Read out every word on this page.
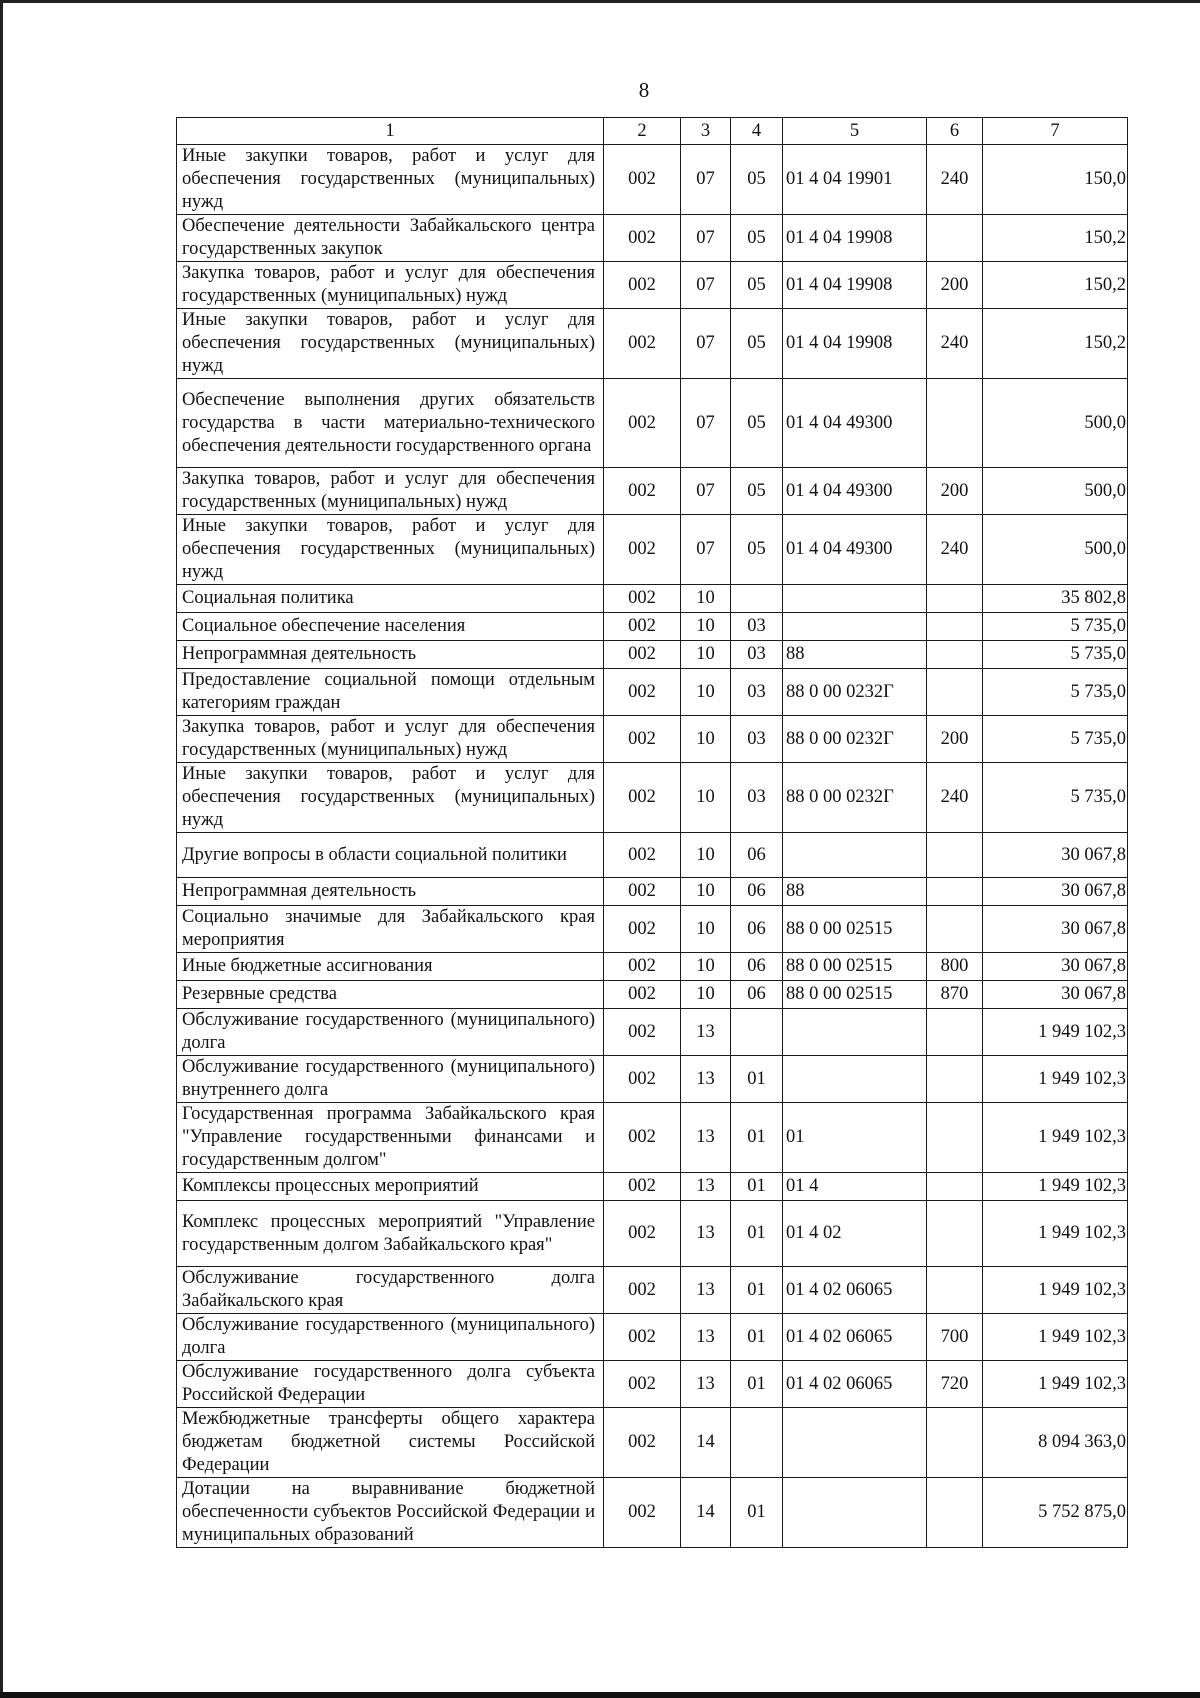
8
1	2	3	4	5	6	7
Иные закупки товаров, работ и услуг для обеспечения государственных (муниципальных) нужд	002	07	05	01 4 04 19901	240	150,0
Обеспечение деятельности Забайкальского центра государственных закупок	002	07	05	01 4 04 19908		150,2
Закупка товаров, работ и услуг для обеспечения государственных (муниципальных) нужд	002	07	05	01 4 04 19908	200	150,2
Иные закупки товаров, работ и услуг для обеспечения государственных (муниципальных) нужд	002	07	05	01 4 04 19908	240	150,2
Обеспечение выполнения других обязательств государства в части материально-технического обеспечения деятельности государственного органа	002	07	05	01 4 04 49300		500,0
Закупка товаров, работ и услуг для обеспечения государственных (муниципальных) нужд	002	07	05	01 4 04 49300	200	500,0
Иные закупки товаров, работ и услуг для обеспечения государственных (муниципальных) нужд	002	07	05	01 4 04 49300	240	500,0
Социальная политика	002	10				35 802,8
Социальное обеспечение населения	002	10	03			5 735,0
Непрограммная деятельность	002	10	03	88		5 735,0
Предоставление социальной помощи отдельным категориям граждан	002	10	03	88 0 00 0232Г		5 735,0
Закупка товаров, работ и услуг для обеспечения государственных (муниципальных) нужд	002	10	03	88 0 00 0232Г	200	5 735,0
Иные закупки товаров, работ и услуг для обеспечения государственных (муниципальных) нужд	002	10	03	88 0 00 0232Г	240	5 735,0
Другие вопросы в области социальной политики	002	10	06			30 067,8
Непрограммная деятельность	002	10	06	88		30 067,8
Социально значимые для Забайкальского края мероприятия	002	10	06	88 0 00 02515		30 067,8
Иные бюджетные ассигнования	002	10	06	88 0 00 02515	800	30 067,8
Резервные средства	002	10	06	88 0 00 02515	870	30 067,8
Обслуживание государственного (муниципального) долга	002	13				1 949 102,3
Обслуживание государственного (муниципального) внутреннего долга	002	13	01			1 949 102,3
Государственная программа Забайкальского края "Управление государственными финансами и государственным долгом"	002	13	01	01		1 949 102,3
Комплексы процессных мероприятий	002	13	01	01 4		1 949 102,3
Комплекс процессных мероприятий "Управление государственным долгом Забайкальского края"	002	13	01	01 4 02		1 949 102,3
Обслуживание государственного долга Забайкальского края	002	13	01	01 4 02 06065		1 949 102,3
Обслуживание государственного (муниципального) долга	002	13	01	01 4 02 06065	700	1 949 102,3
Обслуживание государственного долга субъекта Российской Федерации	002	13	01	01 4 02 06065	720	1 949 102,3
Межбюджетные трансферты общего характера бюджетам бюджетной системы Российской Федерации	002	14				8 094 363,0
Дотации на выравнивание бюджетной обеспеченности субъектов Российской Федерации и муниципальных образований	002	14	01			5 752 875,0
